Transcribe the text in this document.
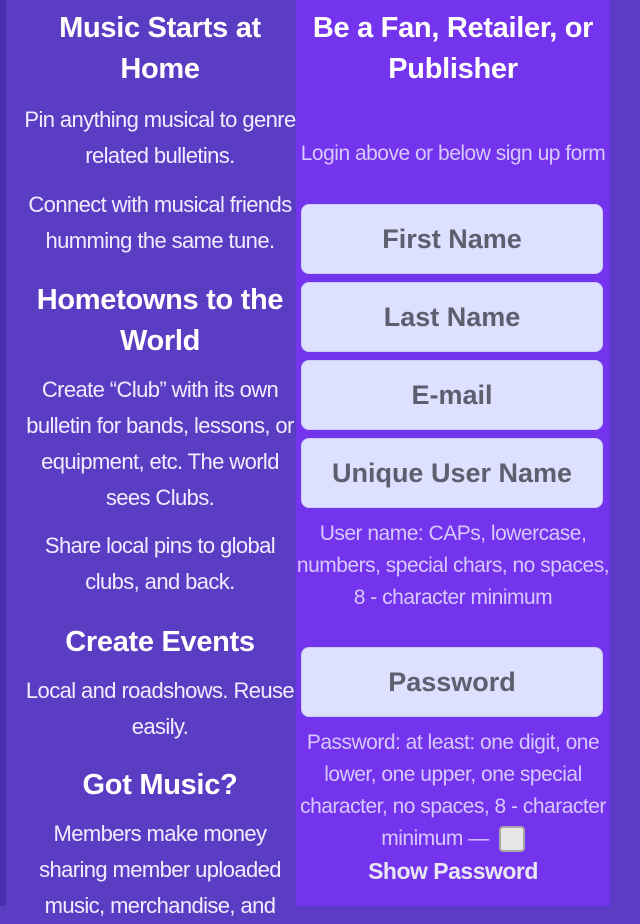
Music Starts at Home

Pin anything musical to genre related bulletins.

Connect with musical friends humming the same tune.

Hometowns to the World

Create “Club” with its own bulletin for bands, lessons, or equipment, etc. The world sees Clubs.

Share local pins to global clubs, and back.

Create Events

Local and roadshows. Reuse easily.

Got Music?

Members make money sharing member uploaded music, merchandise, and

Be a Fan, Retailer, or Publisher
Login above or below sign up form
First Name
Last Name
E-mail
Unique User Name
User name: CAPs, lowercase, numbers, special chars, no spaces, 8 - character minimum
Password
Password: at least: one digit, one lower, one upper, one special character, no spaces, 8 - character minimum —
Show Password
